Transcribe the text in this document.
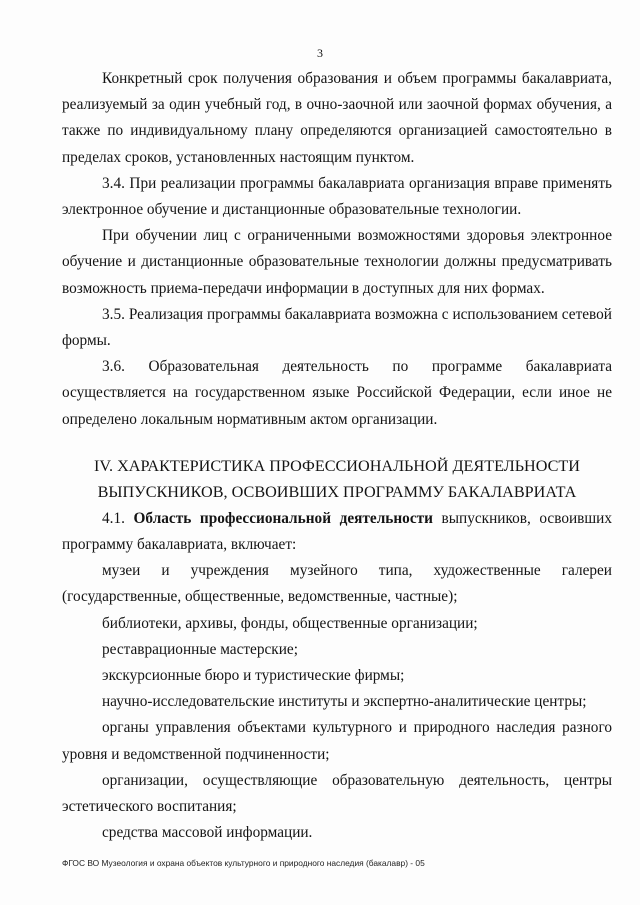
3

Конкретный срок получения образования и объем программы бакалавриата, реализуемый за один учебный год, в очно-заочной или заочной формах обучения, а также по индивидуальному плану определяются организацией самостоятельно в пределах сроков, установленных настоящим пунктом.

3.4. При реализации программы бакалавриата организация вправе применять электронное обучение и дистанционные образовательные технологии.

При обучении лиц с ограниченными возможностями здоровья электронное обучение и дистанционные образовательные технологии должны предусматривать возможность приема-передачи информации в доступных для них формах.

3.5. Реализация программы бакалавриата возможна с использованием сетевой формы.

3.6. Образовательная деятельность по программе бакалавриата осуществляется на государственном языке Российской Федерации, если иное не определено локальным нормативным актом организации.

IV. ХАРАКТЕРИСТИКА ПРОФЕССИОНАЛЬНОЙ ДЕЯТЕЛЬНОСТИ
ВЫПУСКНИКОВ, ОСВОИВШИХ ПРОГРАММУ БАКАЛАВРИАТА

4.1. Область профессиональной деятельности выпускников, освоивших программу бакалавриата, включает:

музеи и учреждения музейного типа, художественные галереи (государственные, общественные, ведомственные, частные);

библиотеки, архивы, фонды, общественные организации;

реставрационные мастерские;

экскурсионные бюро и туристические фирмы;

научно-исследовательские институты и экспертно-аналитические центры;

органы управления объектами культурного и природного наследия разного уровня и ведомственной подчиненности;

организации, осуществляющие образовательную деятельность, центры эстетического воспитания;

средства массовой информации.

ФГОС ВО Музеология и охрана объектов культурного и природного наследия (бакалавр) - 05
